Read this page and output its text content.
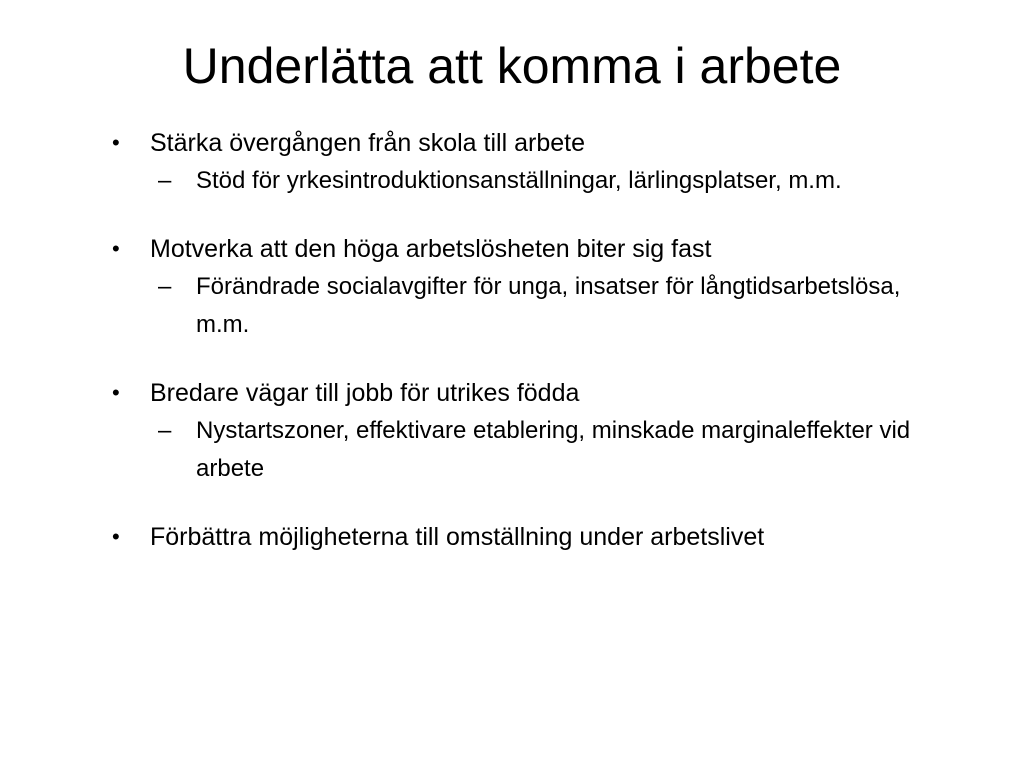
Underlätta att komma i arbete
•	Stärka övergången från skola till arbete
– Stöd för yrkesintroduktionsanställningar, lärlingsplatser, m.m.
•	Motverka att den höga arbetslösheten biter sig fast
– Förändrade socialavgifter för unga, insatser för långtidsarbetslösa, m.m.
•	Bredare vägar till jobb för utrikes födda
– Nystartszoner, effektivare etablering, minskade marginaleffekter vid arbete
•	Förbättra möjligheterna till omställning under arbetslivet
